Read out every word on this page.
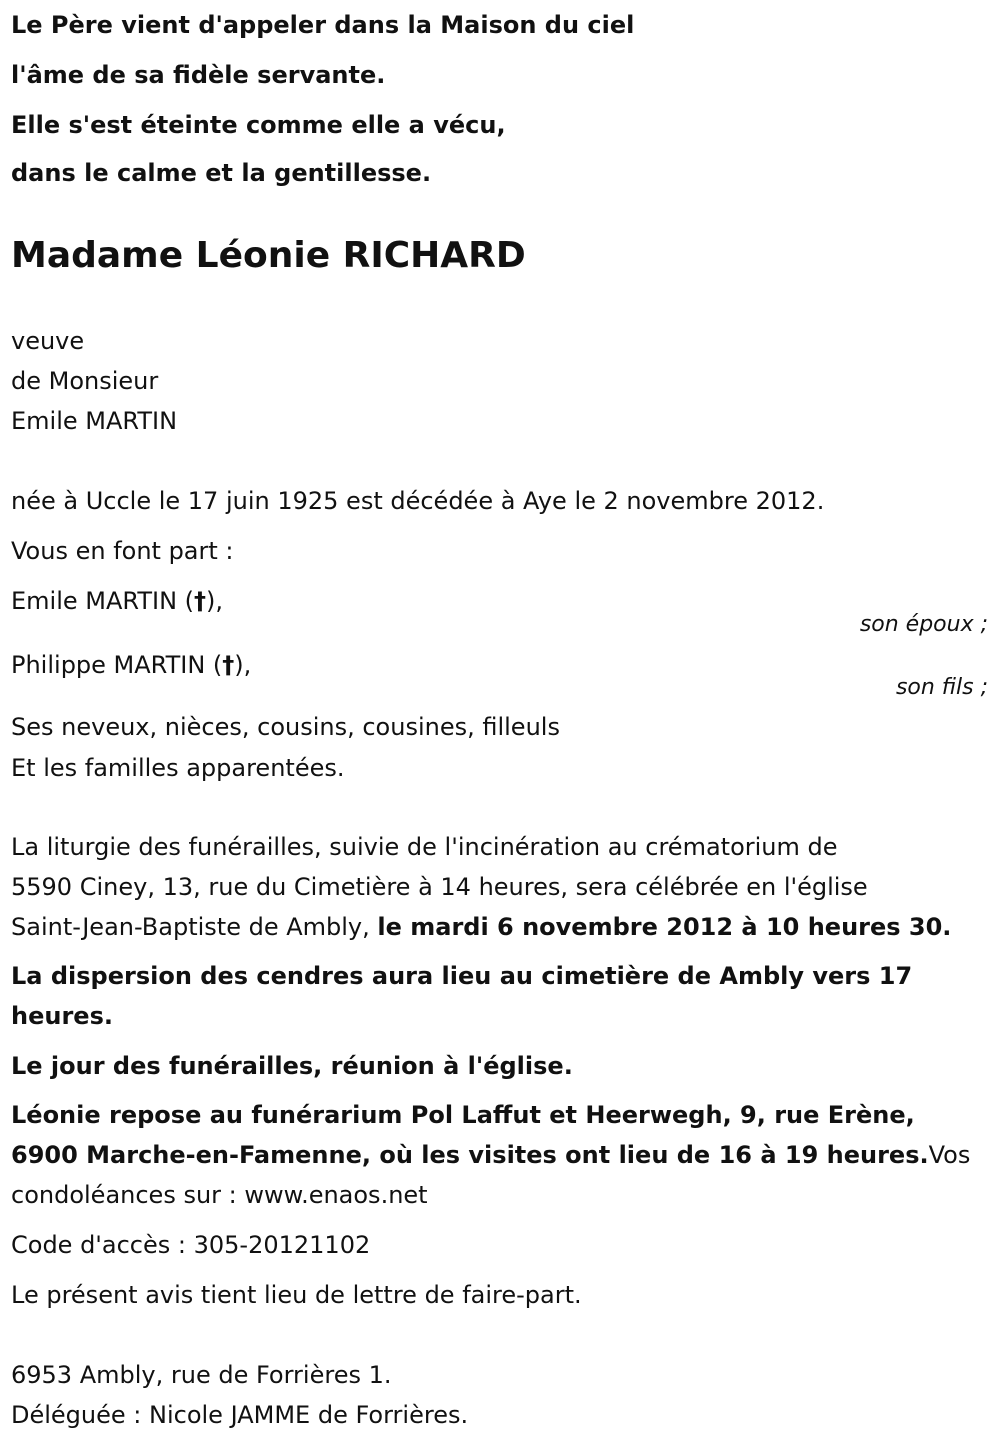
Le Père vient d'appeler dans la Maison du ciel

l'âme de sa fidèle servante.

Elle s'est éteinte comme elle a vécu,

dans le calme et la gentillesse.

Madame Léonie RICHARD

veuve

de Monsieur

Emile MARTIN

née à Uccle le 17 juin 1925 est décédée à Aye le 2 novembre 2012.

Vous en font part :

Emile MARTIN (†),

son époux ;

Philippe MARTIN (†),

son fils ;

Ses neveux, nièces, cousins, cousines, filleuls

Et les familles apparentées.

La liturgie des funérailles, suivie de l'incinération au crématorium de

5590 Ciney, 13, rue du Cimetière à 14 heures, sera célébrée en l'église

Saint-Jean-Baptiste de Ambly, le mardi 6 novembre 2012 à 10 heures 30.

La dispersion des cendres aura lieu au cimetière de Ambly vers 17

heures.

Le jour des funérailles, réunion à l'église.

Léonie repose au funérarium Pol Laffut et Heerwegh, 9, rue Erène,

6900 Marche-en-Famenne, où les visites ont lieu de 16 à 19 heures.Vos

condoléances sur : www.enaos.net

Code d'accès : 305-20121102

Le présent avis tient lieu de lettre de faire-part.

6953 Ambly, rue de Forrières 1.

Déléguée : Nicole JAMME de Forrières.
